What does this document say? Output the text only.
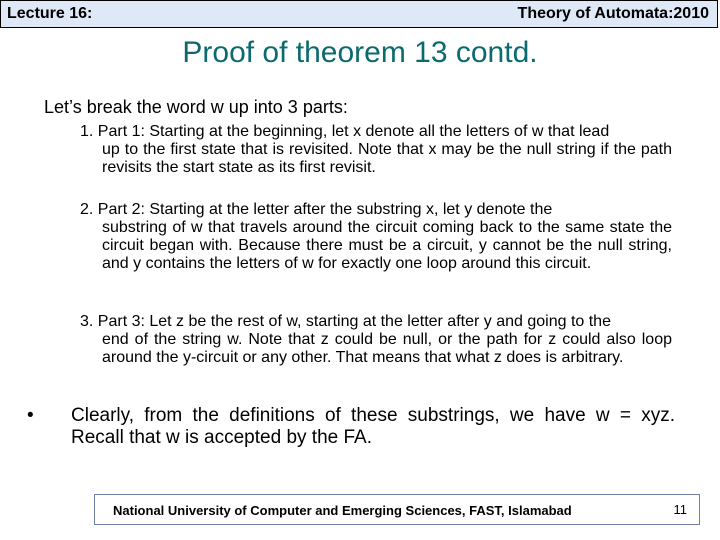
Lecture 16:	Theory of Automata:2010
Proof of theorem 13 contd.
Let’s break the word w up into 3 parts:
1. Part 1: Starting at the beginning, let x denote all the letters of w that lead
up to the first state that is revisited. Note that x may be the null string if the path revisits the start state as its first revisit.
2. Part 2: Starting at the letter after the substring x, let y denote the
substring of w that travels around the circuit coming back to the same state the circuit began with. Because there must be a circuit, y cannot be the null string, and y contains the letters of w for exactly one loop around this circuit.
3. Part 3: Let z be the rest of w, starting at the letter after y and going to the
end of the string w. Note that z could be null, or the path for z could also loop around the y-circuit or any other. That means that what z does is arbitrary.
• Clearly, from the definitions of these substrings, we have w = xyz. Recall that w is accepted by the FA.
National University of Computer and Emerging Sciences, FAST, Islamabad	11
